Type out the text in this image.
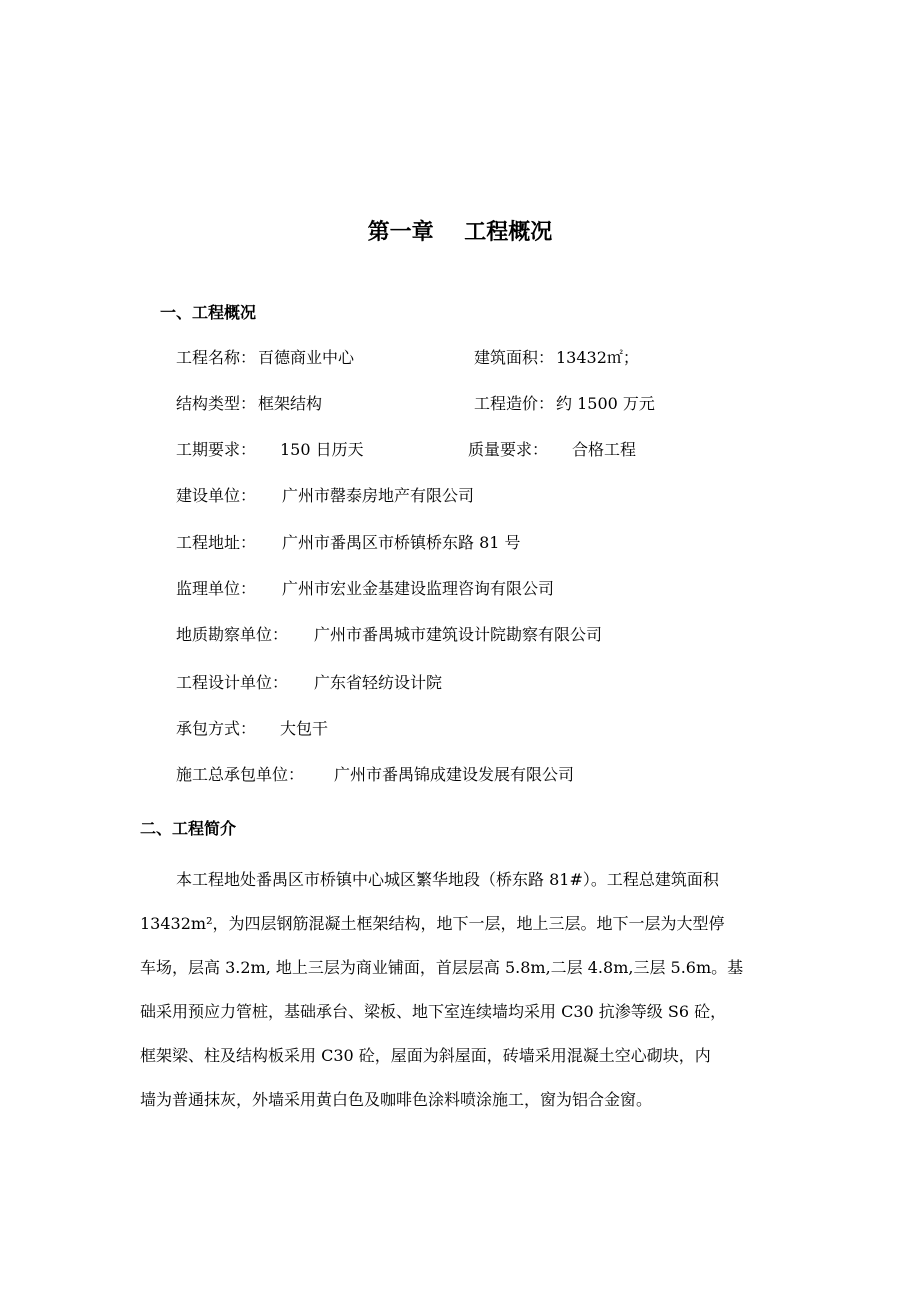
第一章    工程概况
一、工程概况

工程名称：

百德商业中心

	建筑面积：

13432㎡；

结构类型：

框架结构

	工程造价：

约 1500 万元

工期要求：

150 日历天

	质量要求：

合格工程

建设单位：

广州市罄泰房地产有限公司

工程地址：

广州市番禺区市桥镇桥东路 81 号

监理单位：

广州市宏业金基建设监理咨询有限公司

地质勘察单位：

广州市番禺城市建筑设计院勘察有限公司

工程设计单位：

广东省轻纺设计院

承包方式：

大包干

施工总承包单位：

广州市番禺锦成建设发展有限公司

二、工程简介
本工程地处番禺区市桥镇中心城区繁华地段（桥东路 81#）。工程总建筑面积
13432m²，为四层钢筋混凝土框架结构，地下一层，地上三层。地下一层为大型停
车场，层高 3.2m, 地上三层为商业铺面，首层层高 5.8m,二层 4.8m,三层 5.6m。基
础采用预应力管桩，基础承台、梁板、地下室连续墙均采用 C30 抗渗等级 S6 砼，
框架梁、柱及结构板采用 C30 砼，屋面为斜屋面，砖墙采用混凝土空心砌块，内
墙为普通抹灰，外墙采用黄白色及咖啡色涂料喷涂施工，窗为铝合金窗。
